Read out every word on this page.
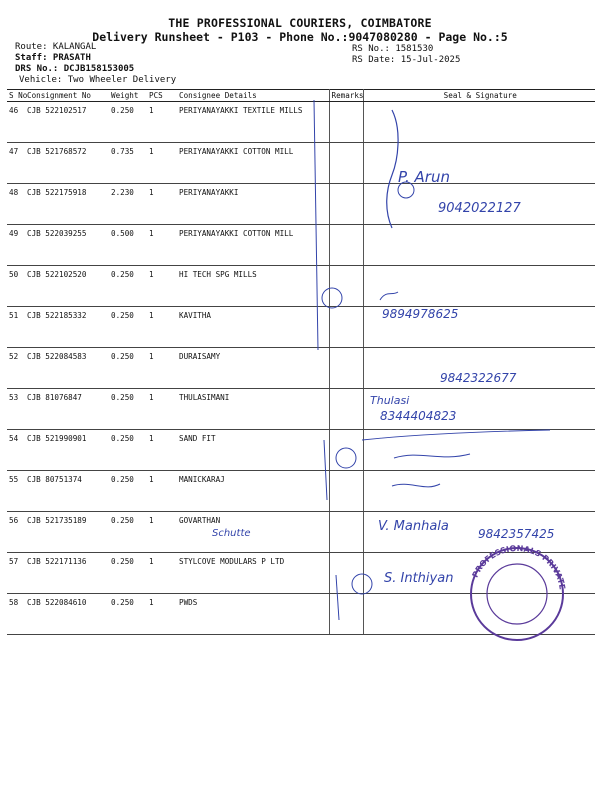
THE PROFESSIONAL COURIERS, COIMBATORE
Delivery Runsheet - P103 - Phone No.:9047080280 - Page No.:5
Route: KALANGAL
Staff: PRASATH
DRS No.: DCJB158153005
Vehicle: Two Wheeler Delivery
RS No.: 1581530
RS Date: 15-Jul-2025
S No	Consignment No	Weight	PCS	Consignee Details	Remarks	Seal & Signature
46	CJB 522102517	0.250	1	PERIYANAYAKKI TEXTILE MILLS		
47	CJB 521768572	0.735	1	PERIYANAYAKKI COTTON MILL		
48	CJB 522175918	2.230	1	PERIYANAYAKKI		
49	CJB 522039255	0.500	1	PERIYANAYAKKI COTTON MILL		
50	CJB 522102520	0.250	1	HI TECH SPG MILLS		
51	CJB 522185332	0.250	1	KAVITHA		
52	CJB 522084583	0.250	1	DURAISAMY		
53	CJB 81076847	0.250	1	THULASIMANI		
54	CJB 521990901	0.250	1	SAND FIT		
55	CJB 80751374	0.250	1	MANICKARAJ		
56	CJB 521735189	0.250	1	GOVARTHAN		
57	CJB 522171136	0.250	1	STYLCOVE MODULARS P LTD		
58	CJB 522084610	0.250	1	PWDS		
P. Arun
9042022127
9894978625
9842322677
Thulasi
8344404823
V. Manhala 9842357425
Schutte
S. Inthiyan PROFESSIONALS PRIVATE
